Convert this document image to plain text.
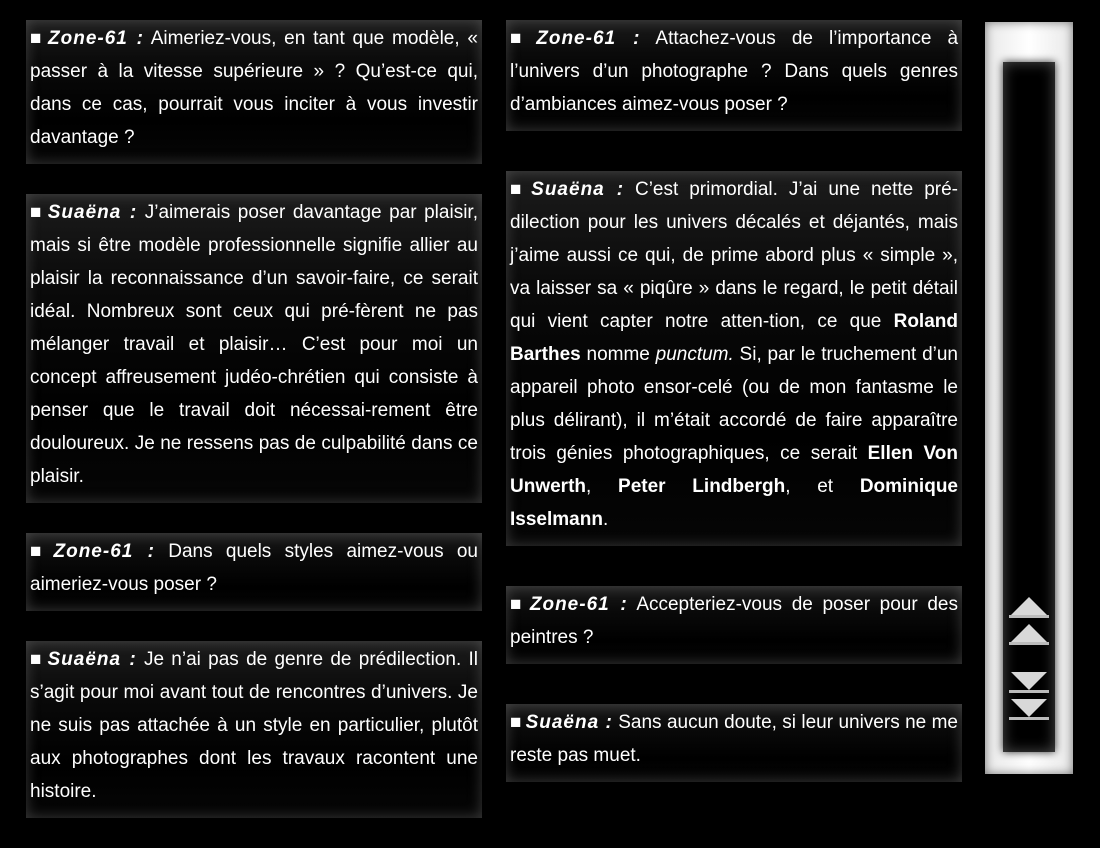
■ Zone-61 : Aimeriez-vous, en tant que modèle, « passer à la vitesse supérieure » ? Qu’est-ce qui, dans ce cas, pourrait vous inciter à vous investir davantage ?

■ Suaëna : J’aimerais poser davantage par plaisir, mais si être modèle professionnelle signifie allier au plaisir la reconnaissance d’un savoir-faire, ce serait idéal. Nombreux sont ceux qui pré-fèrent ne pas mélanger travail et plaisir… C’est pour moi un concept affreusement judéo-chrétien qui consiste à penser que le travail doit nécessai-rement être douloureux. Je ne ressens pas de culpabilité dans ce plaisir.

■ Zone-61 : Dans quels styles aimez-vous ou aimeriez-vous poser ?

■ Suaëna : Je n’ai pas de genre de prédilection. Il s’agit pour moi avant tout de rencontres d’univers. Je ne suis pas attachée à un style en particulier, plutôt aux photographes dont les travaux racontent une histoire.

■ Zone-61 : Attachez-vous de l’importance à l’univers d’un photographe ? Dans quels genres d’ambiances aimez-vous poser ?

■ Suaëna : C’est primordial. J’ai une nette pré-dilection pour les univers décalés et déjantés, mais j’aime aussi ce qui, de prime abord plus « simple », va laisser sa « piqûre » dans le regard, le petit détail qui vient capter notre atten-tion, ce que Roland Barthes nomme punctum. Si, par le truchement d’un appareil photo ensor-celé (ou de mon fantasme le plus délirant), il m’était accordé de faire apparaître trois génies photographiques, ce serait Ellen Von Unwerth, Peter Lindbergh, et Dominique Isselmann.

■ Zone-61 : Accepteriez-vous de poser pour des peintres ?

■ Suaëna : Sans aucun doute, si leur univers ne me reste pas muet.
